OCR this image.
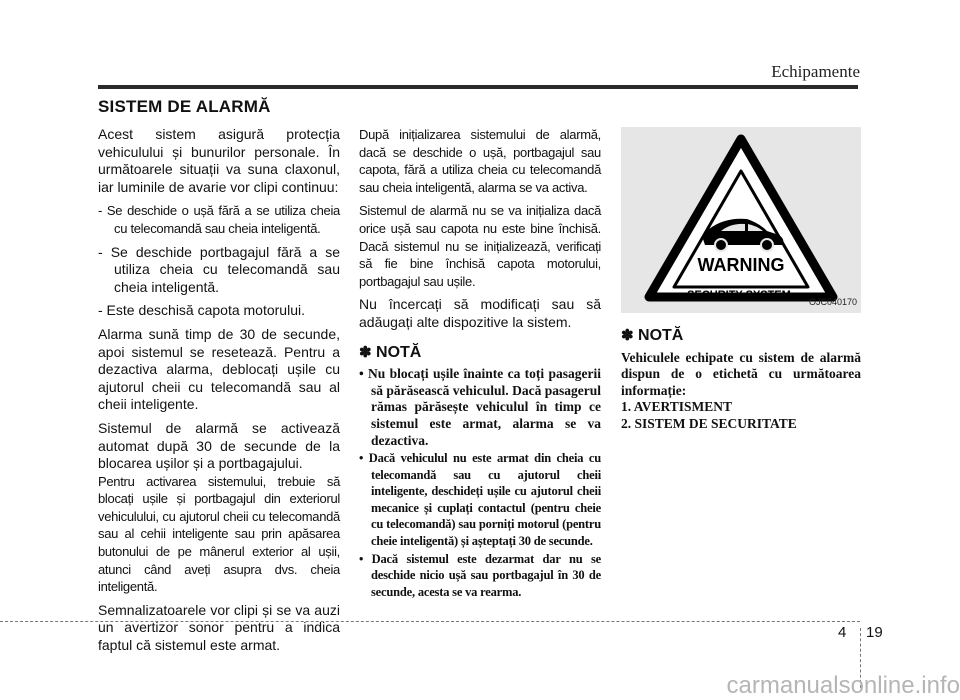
Echipamente
SISTEM DE ALARMĂ

Acest sistem asigură protecția vehiculului și bunurilor personale. În următoarele situații va suna claxonul, iar luminile de avarie vor clipi continuu:

- Se deschide o ușă fără a se utiliza cheia cu telecomandă sau cheia inteligentă.
- Se deschide portbagajul fără a se utiliza cheia cu telecomandă sau cheia inteligentă.
- Este deschisă capota motorului.

Alarma sună timp de 30 de secunde, apoi sistemul se resetează. Pentru a dezactiva alarma, deblocați ușile cu ajutorul cheii cu telecomandă sau al cheii inteligente.

Sistemul de alarmă se activează automat după 30 de secunde de la blocarea ușilor și a portbagajului.

Pentru activarea sistemului, trebuie să blocați ușile și portbagajul din exteriorul vehiculului, cu ajutorul cheii cu telecomandă sau al cehii inteligente sau prin apăsarea butonului de pe mânerul exterior al ușii, atunci când aveți asupra dvs. cheia inteligentă.

Semnalizatoarele vor clipi și se va auzi un avertizor sonor pentru a indica faptul că sistemul este armat.

După inițializarea sistemului de alarmă, dacă se deschide o ușă, portbagajul sau capota, fără a utiliza cheia cu telecomandă sau cheia inteligentă, alarma se va activa.

Sistemul de alarmă nu se va inițializa dacă orice ușă sau capota nu este bine închisă. Dacă sistemul nu se inițializează, verificați să fie bine închisă capota motorului, portbagajul sau ușile.

Nu încercați să modificați sau să adăugați alte dispozitive la sistem.

✽ NOTĂ
• Nu blocați ușile înainte ca toți pasagerii să părăsească vehiculul. Dacă pasagerul rămas părăsește vehiculul în timp ce sistemul este armat, alarma se va dezactiva.
• Dacă vehiculul nu este armat din cheia cu telecomandă sau cu ajutorul cheii inteligente, deschideți ușile cu ajutorul cheii mecanice și cuplați contactul (pentru cheie cu telecomandă) sau porniți motorul (pentru cheie inteligentă) și așteptați 30 de secunde.
• Dacă sistemul este dezarmat dar nu se deschide nicio ușă sau portbagajul în 30 de secunde, acesta se va rearma.
WARNING
SECURITY SYSTEM
OJC040170
✽ NOTĂ
Vehiculele echipate cu sistem de alarmă dispun de o etichetă cu următoarea informație:
1. AVERTISMENT
2. SISTEM DE SECURITATE
4 19
carmanualsonline.info
